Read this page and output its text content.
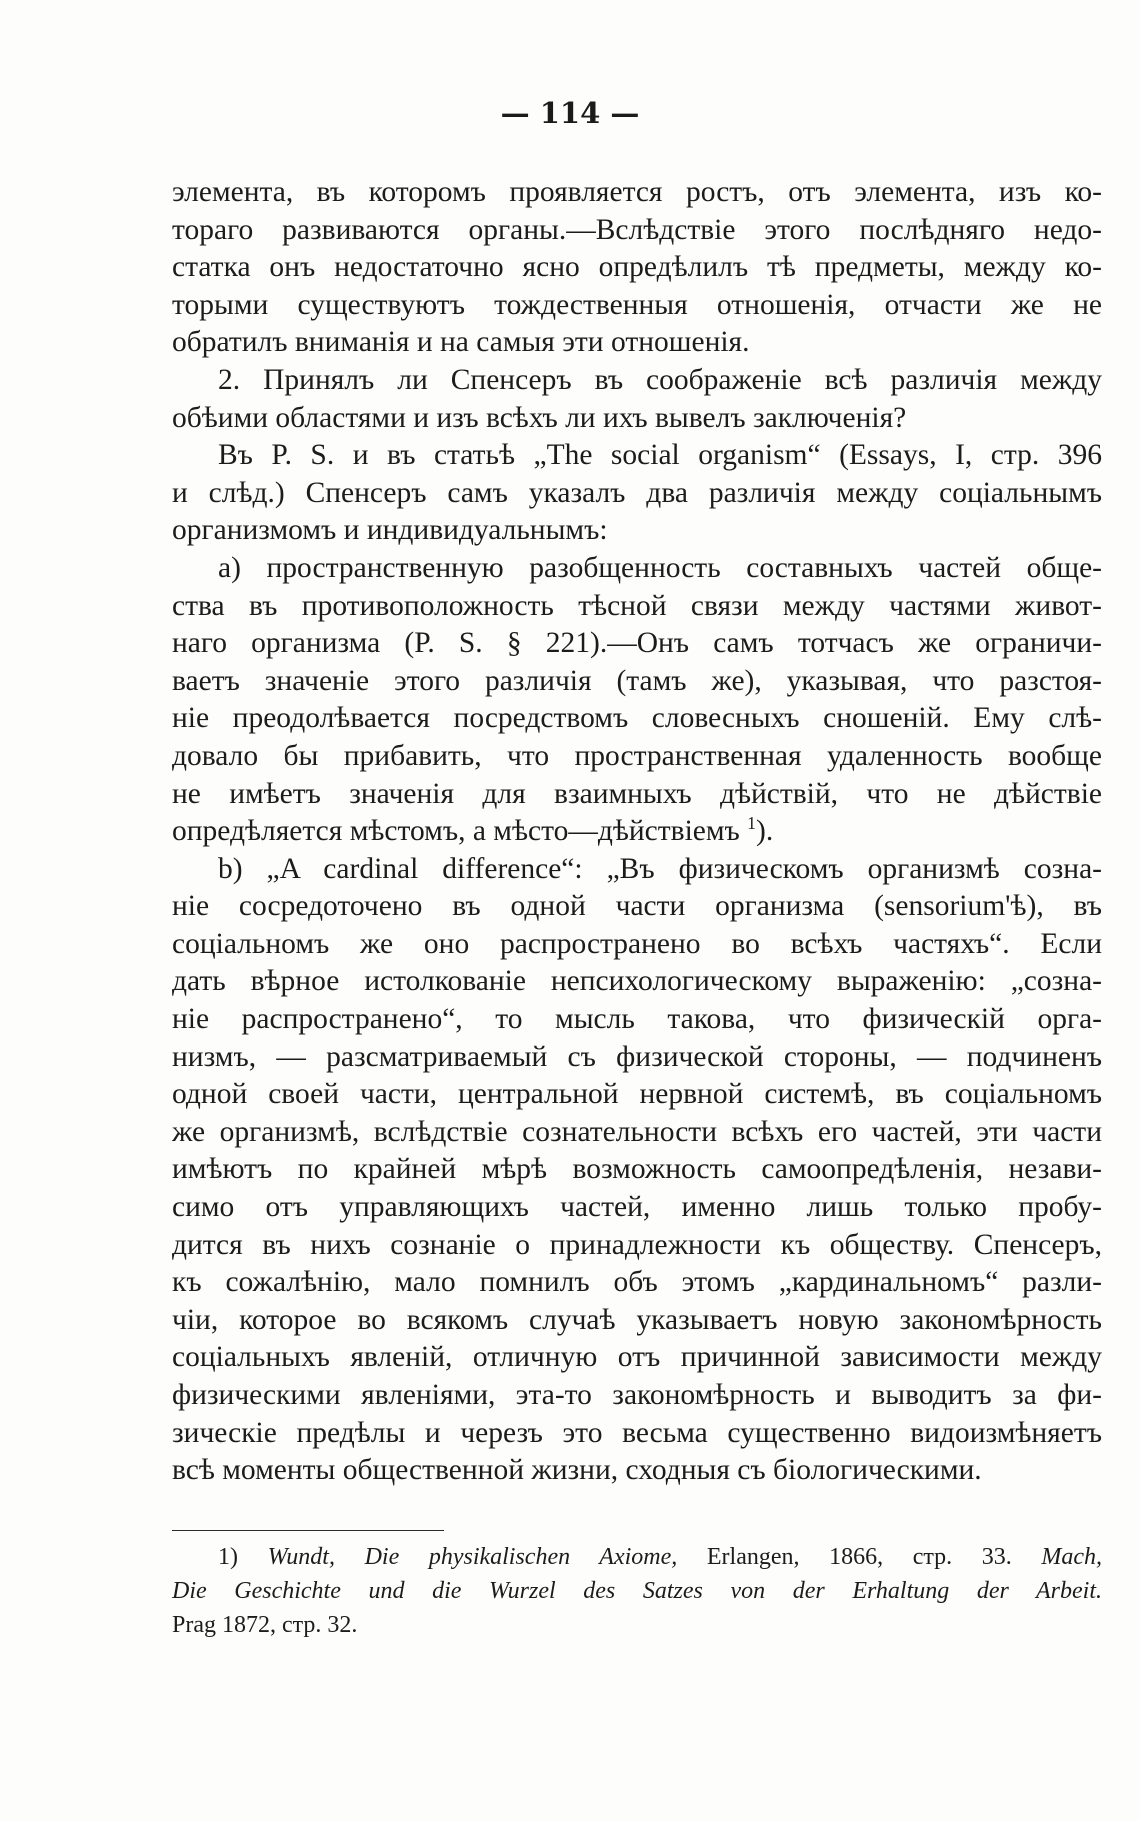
— 114 —
элемента, въ которомъ проявляется ростъ, отъ элемента, изъ ко-
тораго развиваются органы.—Вслѣдствіе этого послѣдняго недо-
статка онъ недостаточно ясно опредѣлилъ тѣ предметы, между ко-
торыми существуютъ тождественныя отношенія, отчасти же не
обратилъ вниманія и на самыя эти отношенія.
2. Принялъ ли Спенсеръ въ соображеніе всѣ различія между
обѣими областями и изъ всѣхъ ли ихъ вывелъ заключенія?
Въ P. S. и въ статьѣ „The social organism“ (Essays, I, стр. 396
и слѣд.) Спенсеръ самъ указалъ два различія между соціальнымъ
организмомъ и индивидуальнымъ:
a) пространственную разобщенность составныхъ частей обще-
ства въ противоположность тѣсной связи между частями живот-
наго организма (P. S. § 221).—Онъ самъ тотчасъ же ограничи-
ваетъ значеніе этого различія (тамъ же), указывая, что разстоя-
ніе преодолѣвается посредствомъ словесныхъ сношеній. Ему слѣ-
довало бы прибавить, что пространственная удаленность вообще
не имѣетъ значенія для взаимныхъ дѣйствій, что не дѣйствіе
опредѣляется мѣстомъ, а мѣсто—дѣйствіемъ $^1$).
b) „A cardinal difference“: „Въ физическомъ организмѣ созна-
ніе сосредоточено въ одной части организма (sensorium'ѣ), въ
соціальномъ же оно распространено во всѣхъ частяхъ“. Если
дать вѣрное истолкованіе непсихологическому выраженію: „созна-
ніе распространено“, то мысль такова, что физическій орга-
низмъ, — разсматриваемый съ физической стороны, — подчиненъ
одной своей части, центральной нервной системѣ, въ соціальномъ
же организмѣ, вслѣдствіе сознательности всѣхъ его частей, эти части
имѣютъ по крайней мѣрѣ возможность самоопредѣленія, незави-
симо отъ управляющихъ частей, именно лишь только пробу-
дится въ нихъ сознаніе о принадлежности къ обществу. Спенсеръ,
къ сожалѣнію, мало помнилъ объ этомъ „кардинальномъ“ разли-
чіи, которое во всякомъ случаѣ указываетъ новую закономѣрность
соціальныхъ явленій, отличную отъ причинной зависимости между
физическими явленіями, эта-то закономѣрность и выводитъ за фи-
зическіе предѣлы и черезъ это весьма существенно видоизмѣняетъ
всѣ моменты общественной жизни, сходныя съ біологическими.
1) Wundt, Die physikalischen Axiome, Erlangen, 1866, стр. 33. Mach,
Die Geschichte und die Wurzel des Satzes von der Erhaltung der Arbeit.
Prag 1872, стр. 32.
